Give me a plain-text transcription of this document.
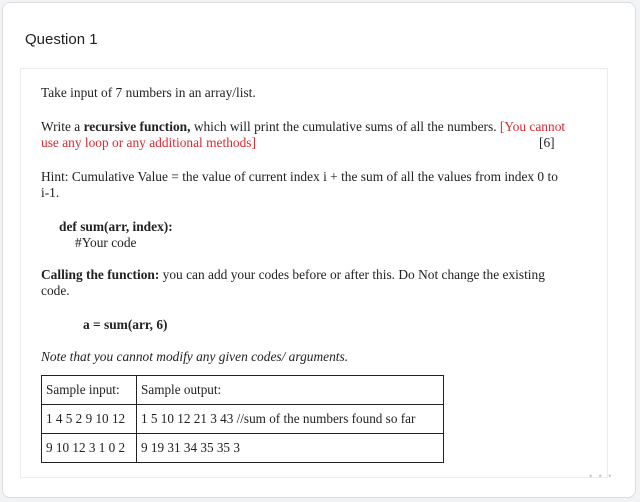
Question 1
Take input of 7 numbers in an array/list.
Write a recursive function, which will print the cumulative sums of all the numbers. [You cannot
use any loop or any additional methods]	[6]
Hint: Cumulative Value = the value of current index i + the sum of all the values from index 0 to
i-1.
def sum(arr, index):
#Your code
Calling the function: you can add your codes before or after this. Do Not change the existing
code.
a = sum(arr, 6)
Note that you cannot modify any given codes/ arguments.
Sample input:	Sample output:
1 4 5 2 9 10 12	1 5 10 12 21 3 43 //sum of the numbers found so far
9 10 12 3 1 0 2	9 19 31 34 35 35 3
• • •
